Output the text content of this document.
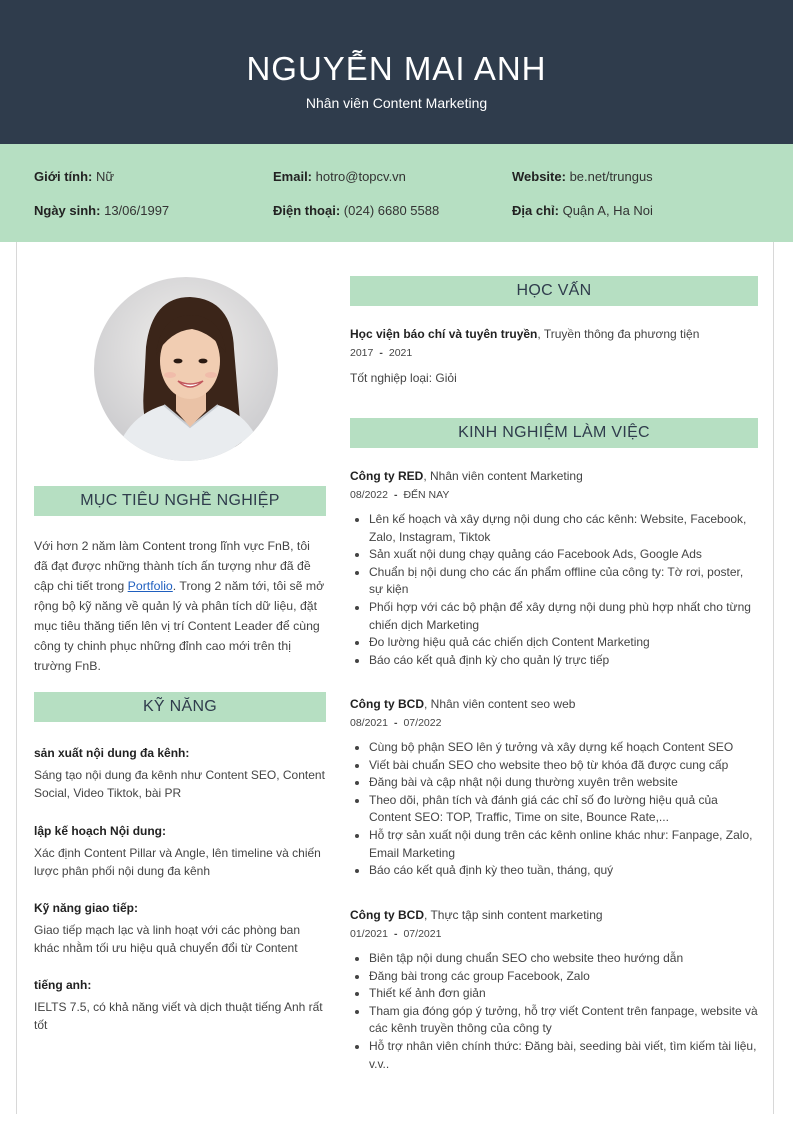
NGUYỄN MAI ANH
Nhân viên Content Marketing
Giới tính: Nữ	Email: hotro@topcv.vn	Website: be.net/trungus
Ngày sinh: 13/06/1997	Điện thoại: (024) 6680 5588	Địa chỉ: Quận A, Ha Noi
MỤC TIÊU NGHỀ NGHIỆP
Với hơn 2 năm làm Content trong lĩnh vực FnB, tôi đã đạt được những thành tích ấn tượng như đã đề cập chi tiết trong Portfolio. Trong 2 năm tới, tôi sẽ mở rộng bộ kỹ năng về quản lý và phân tích dữ liệu, đặt mục tiêu thăng tiến lên vị trí Content Leader để cùng công ty chinh phục những đỉnh cao mới trên thị trường FnB.
KỸ NĂNG
sản xuất nội dung đa kênh:
Sáng tạo nội dung đa kênh như Content SEO, Content Social, Video Tiktok, bài PR
lập kế hoạch Nội dung:
Xác định Content Pillar và Angle, lên timeline và chiến lược phân phối nội dung đa kênh
Kỹ năng giao tiếp:
Giao tiếp mạch lạc và linh hoạt với các phòng ban khác nhằm tối ưu hiệu quả chuyển đổi từ Content
tiếng anh:
IELTS 7.5, có khả năng viết và dịch thuật tiếng Anh rất tốt
HỌC VẤN
Học viện báo chí và tuyên truyền, Truyền thông đa phương tiện
2017 - 2021
Tốt nghiệp loại: Giỏi
KINH NGHIỆM LÀM VIỆC
Công ty RED, Nhân viên content Marketing
08/2022 - ĐẾN NAY
• Lên kế hoạch và xây dựng nội dung cho các kênh: Website, Facebook, Zalo, Instagram, Tiktok
• Sản xuất nội dung chạy quảng cáo Facebook Ads, Google Ads
• Chuẩn bị nội dung cho các ấn phẩm offline của công ty: Tờ rơi, poster, sự kiện
• Phối hợp với các bộ phận để xây dựng nội dung phù hợp nhất cho từng chiến dịch Marketing
• Đo lường hiệu quả các chiến dịch Content Marketing
• Báo cáo kết quả định kỳ cho quản lý trực tiếp
Công ty BCD, Nhân viên content seo web
08/2021 - 07/2022
• Cùng bộ phận SEO lên ý tưởng và xây dựng kế hoạch Content SEO
• Viết bài chuẩn SEO cho website theo bộ từ khóa đã được cung cấp
• Đăng bài và cập nhật nội dung thường xuyên trên website
• Theo dõi, phân tích và đánh giá các chỉ số đo lường hiệu quả của Content SEO: TOP, Traffic, Time on site, Bounce Rate,...
• Hỗ trợ sản xuất nội dung trên các kênh online khác như: Fanpage, Zalo, Email Marketing
• Báo cáo kết quả định kỳ theo tuần, tháng, quý
Công ty BCD, Thực tập sinh content marketing
01/2021 - 07/2021
• Biên tập nội dung chuẩn SEO cho website theo hướng dẫn
• Đăng bài trong các group Facebook, Zalo
• Thiết kế ảnh đơn giản
• Tham gia đóng góp ý tưởng, hỗ trợ viết Content trên fanpage, website và các kênh truyền thông của công ty
• Hỗ trợ nhân viên chính thức: Đăng bài, seeding bài viết, tìm kiếm tài liệu, v.v..
